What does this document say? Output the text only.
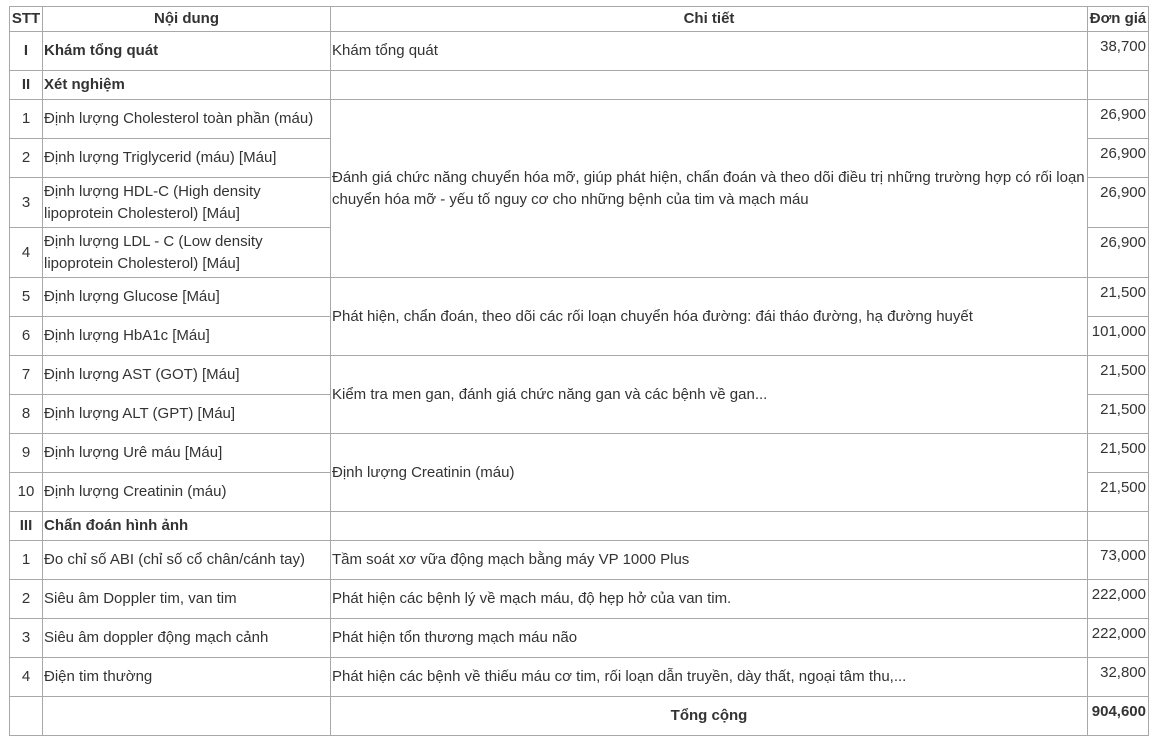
STT	Nội dung	Chi tiết	Đơn giá
I	Khám tổng quát	Khám tổng quát	38,700
II	Xét nghiệm		
1	Định lượng Cholesterol toàn phần (máu)	Đánh giá chức năng chuyển hóa mỡ, giúp phát hiện, chẩn đoán và theo dõi điều trị những trường hợp có rối loạn chuyển hóa mỡ - yếu tố nguy cơ cho những bệnh của tim và mạch máu	26,900
2	Định lượng Triglycerid (máu) [Máu]		26,900
3	Định lượng HDL-C (High density lipoprotein Cholesterol) [Máu]		26,900
4	Định lượng LDL - C (Low density lipoprotein Cholesterol) [Máu]		26,900
5	Định lượng Glucose [Máu]	Phát hiện, chẩn đoán, theo dõi các rối loạn chuyển hóa đường: đái tháo đường, hạ đường huyết	21,500
6	Định lượng HbA1c [Máu]		101,000
7	Định lượng AST (GOT) [Máu]	Kiểm tra men gan, đánh giá chức năng gan và các bệnh về gan...	21,500
8	Định lượng ALT (GPT) [Máu]		21,500
9	Định lượng Urê máu [Máu]	Định lượng Creatinin (máu)	21,500
10	Định lượng Creatinin (máu)		21,500
III	Chẩn đoán hình ảnh		
1	Đo chỉ số ABI (chỉ số cổ chân/cánh tay)	Tầm soát xơ vữa động mạch bằng máy VP 1000 Plus	73,000
2	Siêu âm Doppler tim, van tim	Phát hiện các bệnh lý về mạch máu, độ hẹp hở của van tim.	222,000
3	Siêu âm doppler động mạch cảnh	Phát hiện tổn thương mạch máu não	222,000
4	Điện tim thường	Phát hiện các bệnh về thiếu máu cơ tim, rối loạn dẫn truyền, dày thất, ngoại tâm thu,...	32,800
		Tổng cộng	904,600
